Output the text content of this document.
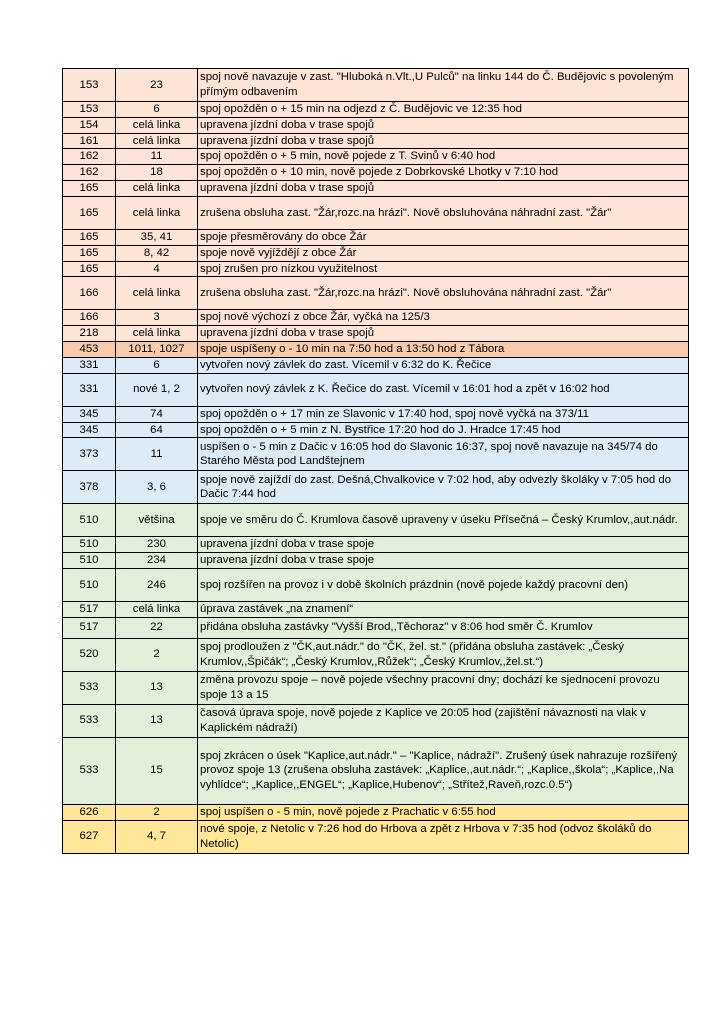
153	23	spoj nově navazuje v zast. "Hluboká n.Vlt.,U Pulců" na linku 144 do Č. Budějovic s povoleným přímým odbavením
153	6	spoj opožděn o + 15 min na odjezd z Č. Budějovic ve 12:35 hod
154	celá linka	upravena jízdní doba v trase spojů
161	celá linka	upravena jízdní doba v trase spojů
162	11	spoj opožděn o + 5 min, nově pojede z T. Svinů v 6:40 hod
162	18	spoj opožděn o + 10 min, nově pojede z Dobrkovské Lhotky v 7:10 hod
165	celá linka	upravena jízdní doba v trase spojů
165	celá linka	zrušena obsluha zast. "Žár,rozc.na hrázi". Nově obsluhována náhradní zast. "Žár"
165	35, 41	spoje přesměrovány do obce Žár
165	8, 42	spoje nově vyjíždějí z obce Žár
165	4	spoj zrušen pro nízkou využitelnost
166	celá linka	zrušena obsluha zast. "Žár,rozc.na hrázi". Nově obsluhována náhradní zast. "Žár"
166	3	spoj nově výchozí z obce Žár, vyčká na 125/3
218	celá linka	upravena jízdní doba v trase spojů
453	1011, 1027	spoje uspíšeny o - 10 min na 7:50 hod a 13:50 hod z Tábora
331	6	vytvořen nový závlek do zast. Vícemil v 6:32 do K. Řečice
331	nové 1, 2	vytvořen nový závlek z K. Řečice do zast. Vícemil v 16:01 hod a zpět v 16:02 hod
345	74	spoj opožděn o + 17 min ze Slavonic v 17:40 hod, spoj nově vyčká na 373/11
345	64	spoj opožděn o + 5 min z N. Bystřice 17:20 hod do J. Hradce 17:45 hod
373	11	uspíšen o - 5 min z Dačic v 16:05 hod do Slavonic 16:37, spoj nově navazuje na 345/74 do Starého Města pod Landštejnem
378	3, 6	spoje nově zajíždí do zast. Dešná,Chvalkovice v 7:02 hod, aby odvezly školáky v 7:05 hod do Dačic 7:44 hod
510	většina	spoje ve směru do Č. Krumlova časově upraveny v úseku Přísečná – Český Krumlov,,aut.nádr.
510	230	upravena jízdní doba v trase spoje
510	234	upravena jízdní doba v trase spoje
510	246	spoj rozšířen na provoz i v době školních prázdnin (nově pojede každý pracovní den)
517	celá linka	úprava zastávek „na znamení“
517	22	přidána obsluha zastávky "Vyšší Brod,,Těchoraz" v 8:06 hod směr Č. Krumlov
520	2	spoj prodloužen z "ČK,aut.nádr." do "ČK, žel. st." (přidána obsluha zastávek: „Český Krumlov,,Špičák“; „Český Krumlov,,Růžek“; „Český Krumlov,,žel.st.“)
533	13	změna provozu spoje – nově pojede všechny pracovní dny; dochází ke sjednocení provozu spoje 13 a 15
533	13	časová úprava spoje, nově pojede z Kaplice ve 20:05 hod (zajištění návaznosti na vlak v Kaplickém nádraží)
533	15	spoj zkrácen o úsek "Kaplice,aut.nádr." – "Kaplice, nádraží". Zrušený úsek nahrazuje rozšířený provoz spoje 13 (zrušena obsluha zastávek: „Kaplice,,aut.nádr.“; „Kaplice,,škola“; „Kaplice,,Na vyhlídce“; „Kaplice,,ENGEL“; „Kaplice,Hubenov“; „Střítež,Raveň,rozc.0.5“)
626	2	spoj uspíšen o - 5 min, nově pojede z Prachatic v 6:55 hod
627	4, 7	nové spoje, z Netolic v 7:26 hod do Hrbova a zpět z Hrbova v 7:35 hod (odvoz školáků do Netolic)
